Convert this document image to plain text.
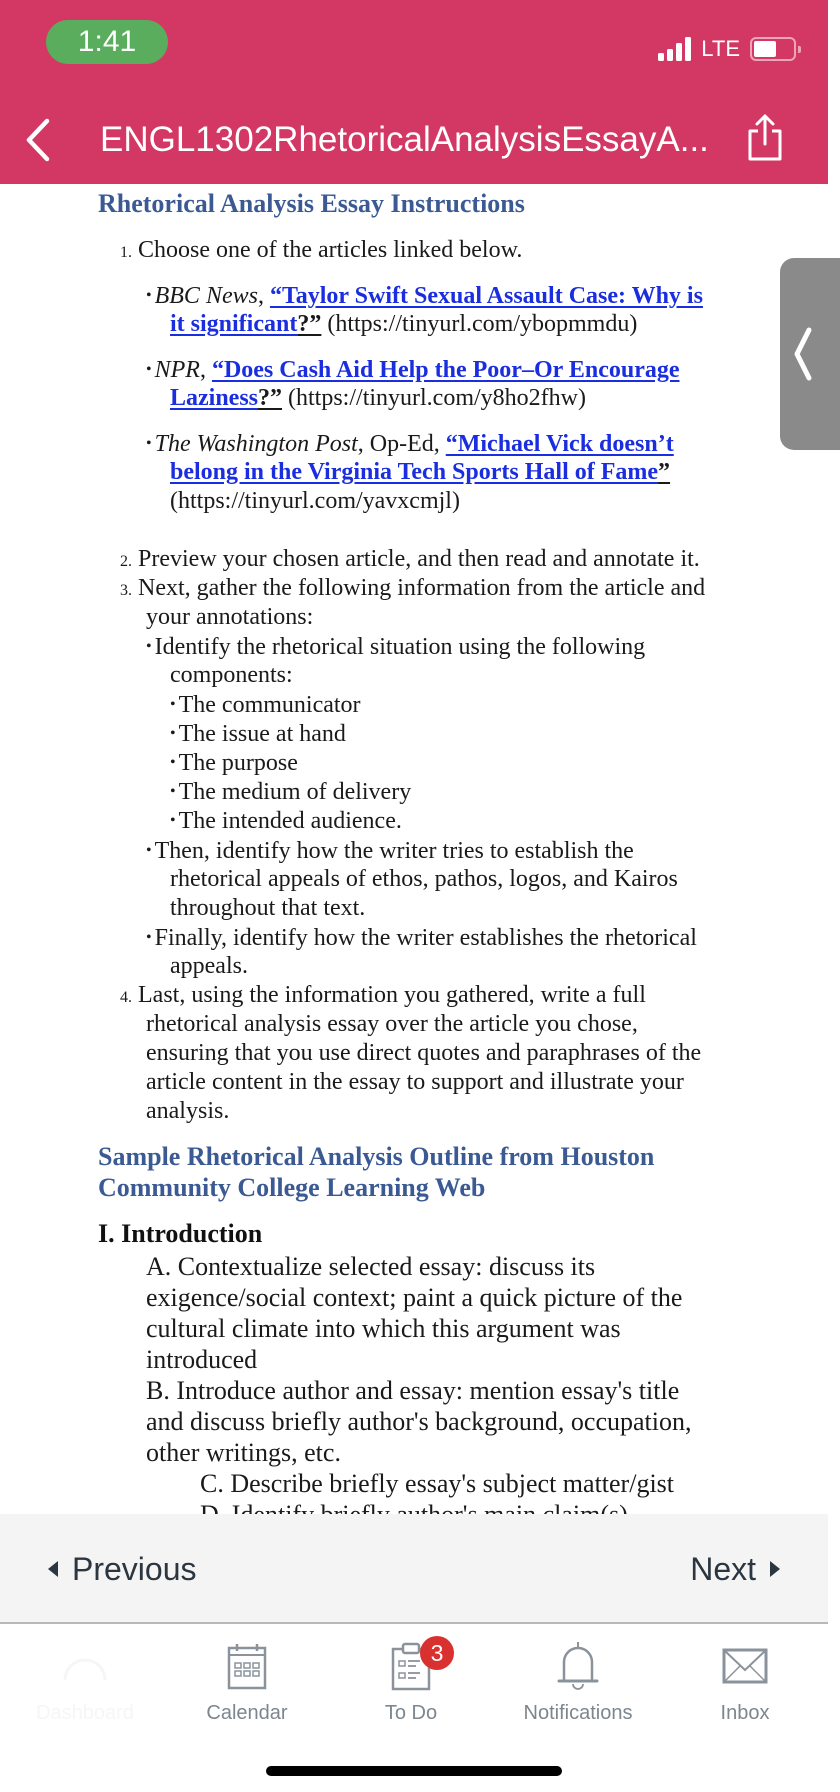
1:41	LTE
ENGL1302RhetoricalAnalysisEssayA...
Rhetorical Analysis Essay Instructions
1. Choose one of the articles linked below.
• BBC News, “Taylor Swift Sexual Assault Case: Why is
it significant?” (https://tinyurl.com/ybopmmdu)
• NPR, “Does Cash Aid Help the Poor–Or Encourage
Laziness?” (https://tinyurl.com/y8ho2fhw)
• The Washington Post, Op-Ed, “Michael Vick doesn’t
belong in the Virginia Tech Sports Hall of Fame”
(https://tinyurl.com/yavxcmjl)
2. Preview your chosen article, and then read and annotate it.
3. Next, gather the following information from the article and
your annotations:
• Identify the rhetorical situation using the following
components:
• The communicator
• The issue at hand
• The purpose
• The medium of delivery
• The intended audience.
• Then, identify how the writer tries to establish the
rhetorical appeals of ethos, pathos, logos, and Kairos
throughout that text.
• Finally, identify how the writer establishes the rhetorical
appeals.
4. Last, using the information you gathered, write a full
rhetorical analysis essay over the article you chose,
ensuring that you use direct quotes and paraphrases of the
article content in the essay to support and illustrate your
analysis.
Sample Rhetorical Analysis Outline from Houston
Community College Learning Web
I. Introduction
A. Contextualize selected essay: discuss its
exigence/social context; paint a quick picture of the
cultural climate into which this argument was
introduced
B. Introduce author and essay: mention essay's title
and discuss briefly author's background, occupation,
other writings, etc.
C. Describe briefly essay's subject matter/gist
Previous	Next
Dashboard	Calendar
3
To Do	Notifications	Inbox
